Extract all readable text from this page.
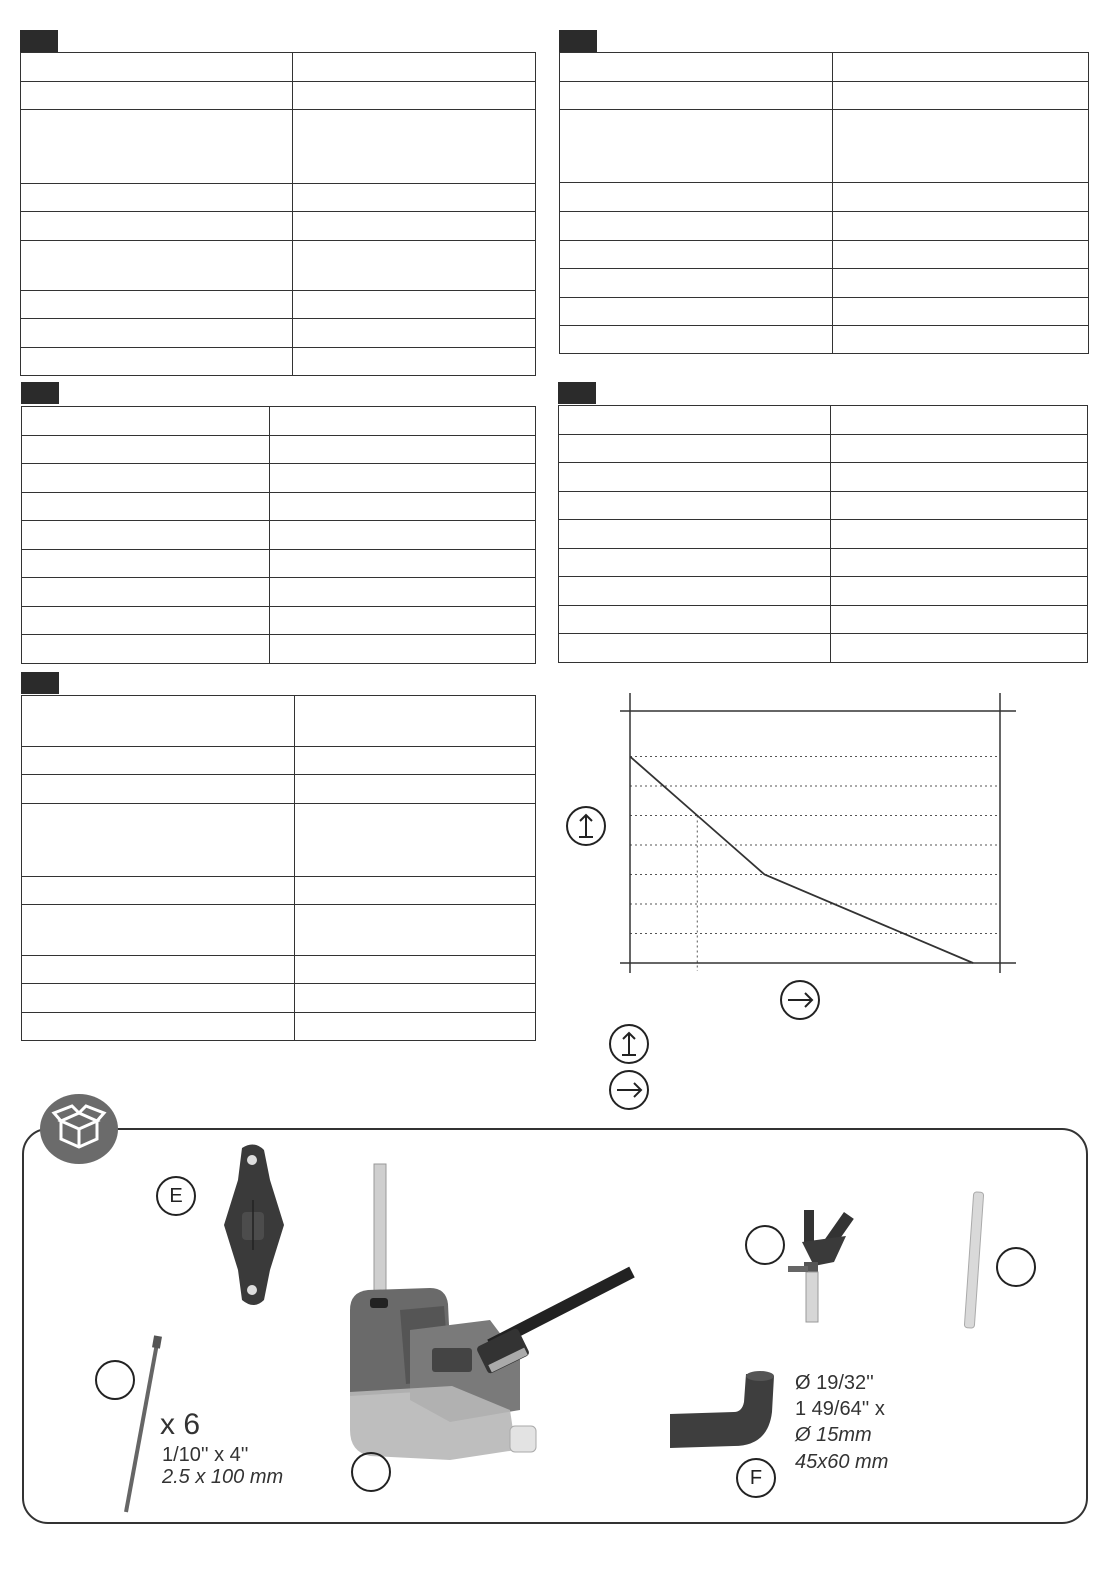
E
x 6
1/10'' x 4''
2.5 x 100 mm	F
Ø 19/32''
1 49/64'' x
Ø 15mm
45x60 mm
